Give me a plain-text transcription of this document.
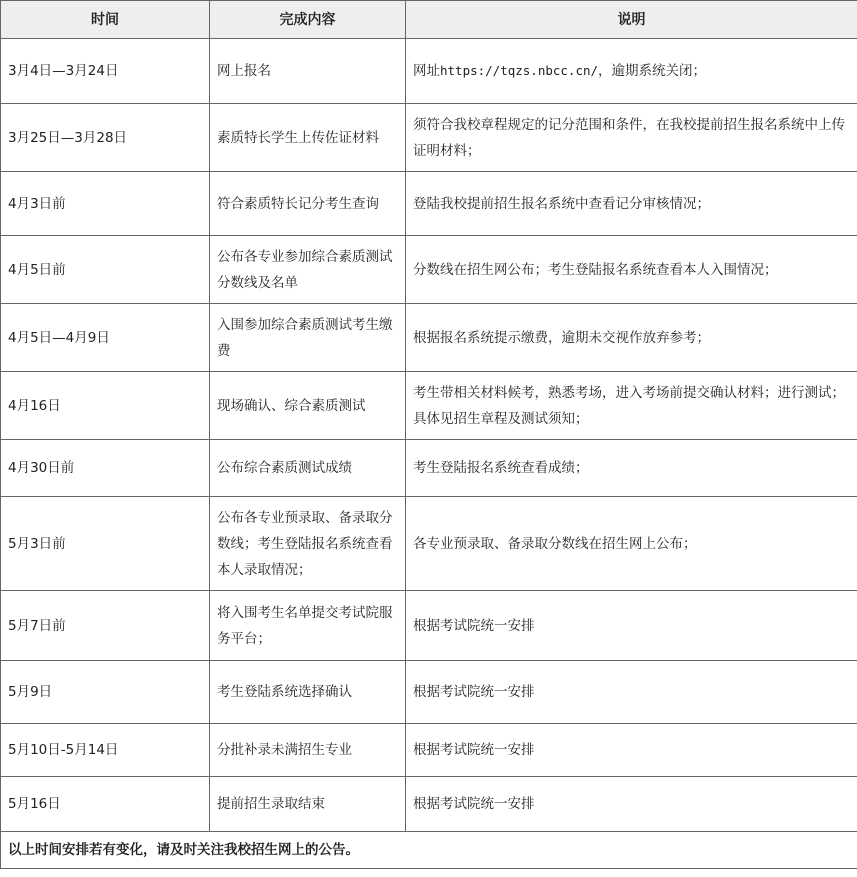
时间	完成内容	说明
3月4日—3月24日	网上报名	网址https://tqzs.nbcc.cn/，逾期系统关闭；
3月25日—3月28日	素质特长学生上传佐证材料	须符合我校章程规定的记分范围和条件，在我校提前招生报名系统中上传证明材料；
4月3日前	符合素质特长记分考生查询	登陆我校提前招生报名系统中查看记分审核情况；
4月5日前	公布各专业参加综合素质测试分数线及名单	分数线在招生网公布；考生登陆报名系统查看本人入围情况；
4月5日—4月9日	入围参加综合素质测试考生缴费	根据报名系统提示缴费，逾期未交视作放弃参考；
4月16日	现场确认、综合素质测试	考生带相关材料候考，熟悉考场，进入考场前提交确认材料；进行测试；具体见招生章程及测试须知；
4月30日前	公布综合素质测试成绩	考生登陆报名系统查看成绩；
5月3日前	公布各专业预录取、备录取分数线；考生登陆报名系统查看本人录取情况；	各专业预录取、备录取分数线在招生网上公布；
5月7日前	将入围考生名单提交考试院服务平台；	根据考试院统一安排
5月9日	考生登陆系统选择确认	根据考试院统一安排
5月10日-5月14日	分批补录未满招生专业	根据考试院统一安排
5月16日	提前招生录取结束	根据考试院统一安排
以上时间安排若有变化，请及时关注我校招生网上的公告。		
